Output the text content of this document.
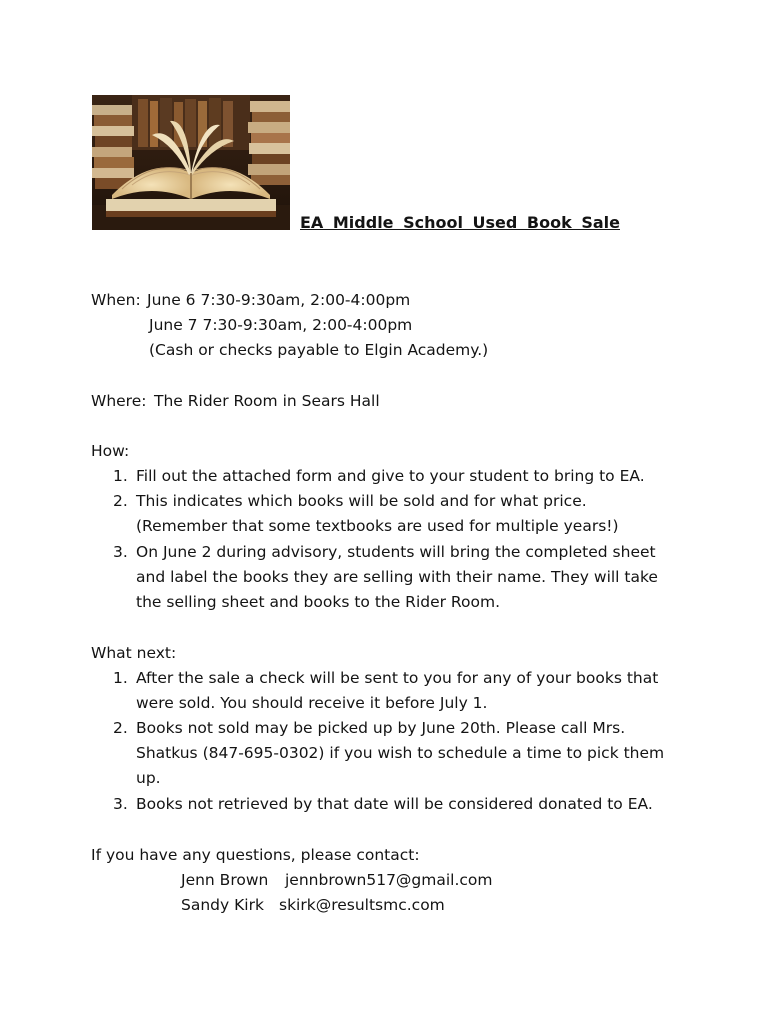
EA Middle School Used Book Sale
When: June 6 7:30-9:30am, 2:00-4:00pm
June 7 7:30-9:30am, 2:00-4:00pm
(Cash or checks payable to Elgin Academy.)
Where: The Rider Room in Sears Hall
How:
1. Fill out the attached form and give to your student to bring to EA.
2. This indicates which books will be sold and for what price.
(Remember that some textbooks are used for multiple years!)
3. On June 2 during advisory, students will bring the completed sheet
and label the books they are selling with their name. They will take
the selling sheet and books to the Rider Room.
What next:
1. After the sale a check will be sent to you for any of your books that
were sold. You should receive it before July 1.
2. Books not sold may be picked up by June 20th. Please call Mrs.
Shatkus (847-695-0302) if you wish to schedule a time to pick them
up.
3. Books not retrieved by that date will be considered donated to EA.
If you have any questions, please contact:
Jenn Brown jennbrown517@gmail.com
Sandy Kirk skirk@resultsmc.com
